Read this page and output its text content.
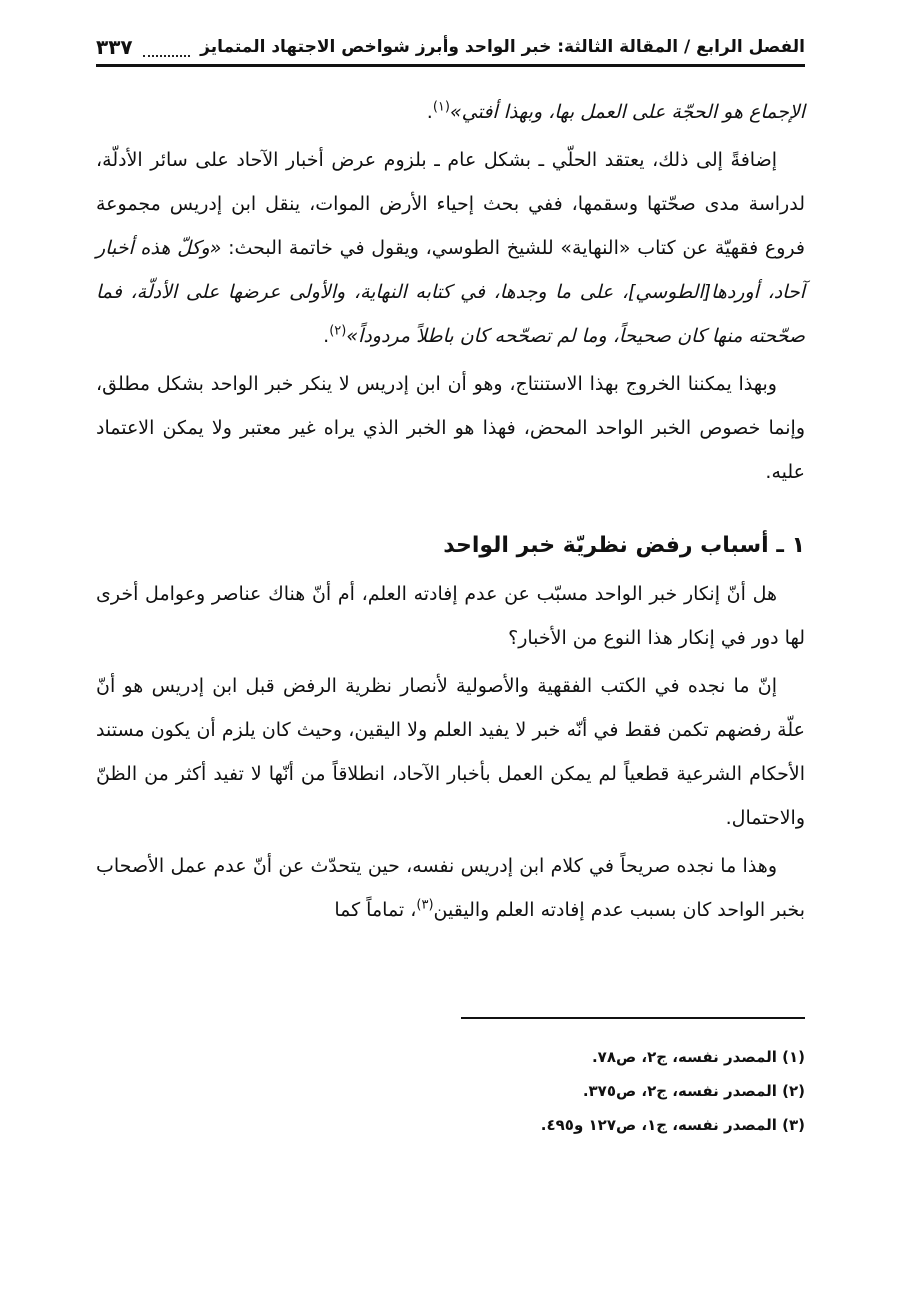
الفصل الرابع / المقالة الثالثة: خبر الواحد وأبرز شواخص الاجتهاد المتمايز
٣٣٧

الإجماع هو الحجّة على العمل بها، وبهذا أفتي»$^{(١)}$.

إضافةً إلى ذلك، يعتقد الحلّي ـ بشكل عام ـ بلزوم عرض أخبار الآحاد على سائر الأدلّة، لدراسة مدى صحّتها وسقمها، ففي بحث إحياء الأرض الموات، ينقل ابن إدريس مجموعة فروع فقهيّة عن كتاب «النهاية» للشيخ الطوسي، ويقول في خاتمة البحث: «وكلّ هذه أخبار آحاد، أوردها[الطوسي]، على ما وجدها، في كتابه النهاية، والأولى عرضها على الأدلّة، فما صحّحته منها كان صحيحاً، وما لم تصحّحه كان باطلاً مردوداً»$^{(٢)}$.

وبهذا يمكننا الخروج بهذا الاستنتاج، وهو أن ابن إدريس لا ينكر خبر الواحد بشكل مطلق، وإنما خصوص الخبر الواحد المحض، فهذا هو الخبر الذي يراه غير معتبر ولا يمكن الاعتماد عليه.

١ ـ أسباب رفض نظريّة خبر الواحد

هل أنّ إنكار خبر الواحد مسبّب عن عدم إفادته العلم، أم أنّ هناك عناصر وعوامل أخرى لها دور في إنكار هذا النوع من الأخبار؟

إنّ ما نجده في الكتب الفقهية والأصولية لأنصار نظرية الرفض قبل ابن إدريس هو أنّ علّة رفضهم تكمن فقط في أنّه خبر لا يفيد العلم ولا اليقين، وحيث كان يلزم أن يكون مستند الأحكام الشرعية قطعياً لم يمكن العمل بأخبار الآحاد، انطلاقاً من أنّها لا تفيد أكثر من الظنّ والاحتمال.

وهذا ما نجده صريحاً في كلام ابن إدريس نفسه، حين يتحدّث عن أنّ عدم عمل الأصحاب بخبر الواحد كان بسبب عدم إفادته العلم واليقين$^{(٣)}$، تماماً كما

(١) المصدر نفسه، ج٢، ص٧٨.
(٢) المصدر نفسه، ج٢، ص٣٧٥.
(٣) المصدر نفسه، ج١، ص١٢٧ و٤٩٥.
